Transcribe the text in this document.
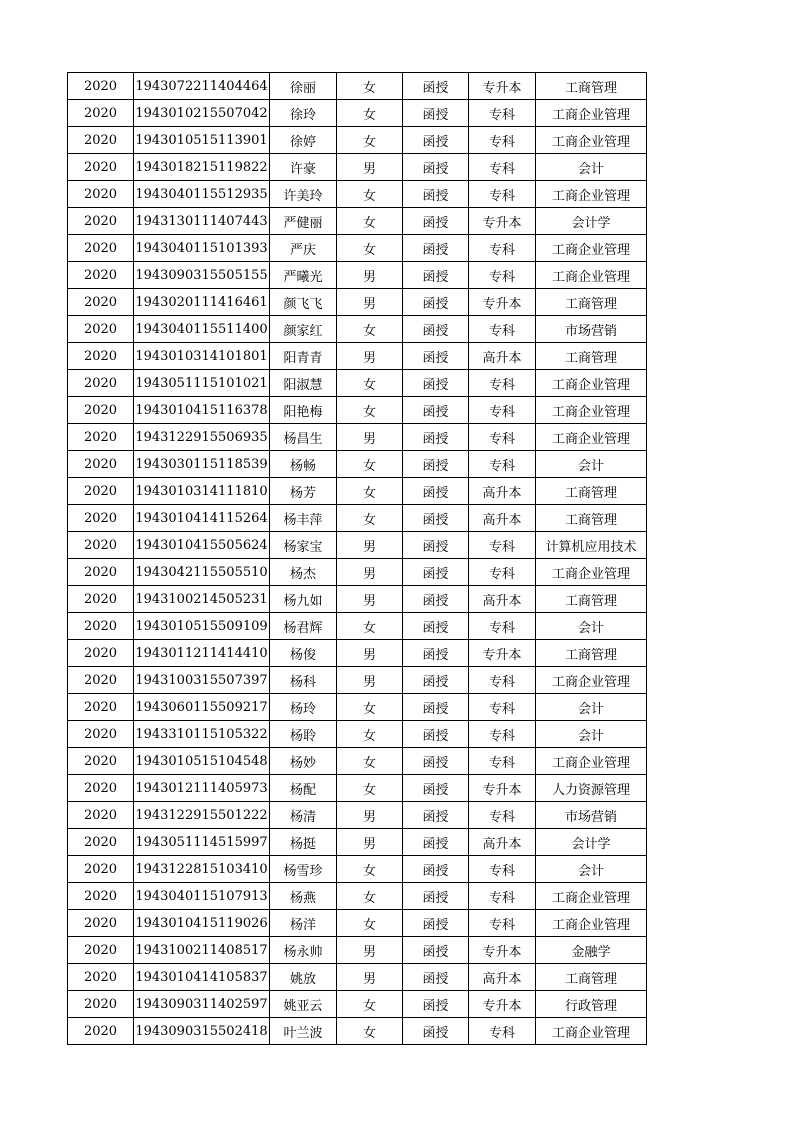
2020	1943072211404464	徐丽	女	函授	专升本	工商管理
2020	1943010215507042	徐玲	女	函授	专科	工商企业管理
2020	1943010515113901	徐婷	女	函授	专科	工商企业管理
2020	1943018215119822	许豪	男	函授	专科	会计
2020	1943040115512935	许美玲	女	函授	专科	工商企业管理
2020	1943130111407443	严健丽	女	函授	专升本	会计学
2020	1943040115101393	严庆	女	函授	专科	工商企业管理
2020	1943090315505155	严曦光	男	函授	专科	工商企业管理
2020	1943020111416461	颜飞飞	男	函授	专升本	工商管理
2020	1943040115511400	颜家红	女	函授	专科	市场营销
2020	1943010314101801	阳青青	男	函授	高升本	工商管理
2020	1943051115101021	阳淑慧	女	函授	专科	工商企业管理
2020	1943010415116378	阳艳梅	女	函授	专科	工商企业管理
2020	1943122915506935	杨昌生	男	函授	专科	工商企业管理
2020	1943030115118539	杨畅	女	函授	专科	会计
2020	1943010314111810	杨芳	女	函授	高升本	工商管理
2020	1943010414115264	杨丰萍	女	函授	高升本	工商管理
2020	1943010415505624	杨家宝	男	函授	专科	计算机应用技术
2020	1943042115505510	杨杰	男	函授	专科	工商企业管理
2020	1943100214505231	杨九如	男	函授	高升本	工商管理
2020	1943010515509109	杨君辉	女	函授	专科	会计
2020	1943011211414410	杨俊	男	函授	专升本	工商管理
2020	1943100315507397	杨科	男	函授	专科	工商企业管理
2020	1943060115509217	杨玲	女	函授	专科	会计
2020	1943310115105322	杨聆	女	函授	专科	会计
2020	1943010515104548	杨妙	女	函授	专科	工商企业管理
2020	1943012111405973	杨配	女	函授	专升本	人力资源管理
2020	1943122915501222	杨清	男	函授	专科	市场营销
2020	1943051114515997	杨挺	男	函授	高升本	会计学
2020	1943122815103410	杨雪珍	女	函授	专科	会计
2020	1943040115107913	杨燕	女	函授	专科	工商企业管理
2020	1943010415119026	杨洋	女	函授	专科	工商企业管理
2020	1943100211408517	杨永帅	男	函授	专升本	金融学
2020	1943010414105837	姚放	男	函授	高升本	工商管理
2020	1943090311402597	姚亚云	女	函授	专升本	行政管理
2020	1943090315502418	叶兰波	女	函授	专科	工商企业管理
